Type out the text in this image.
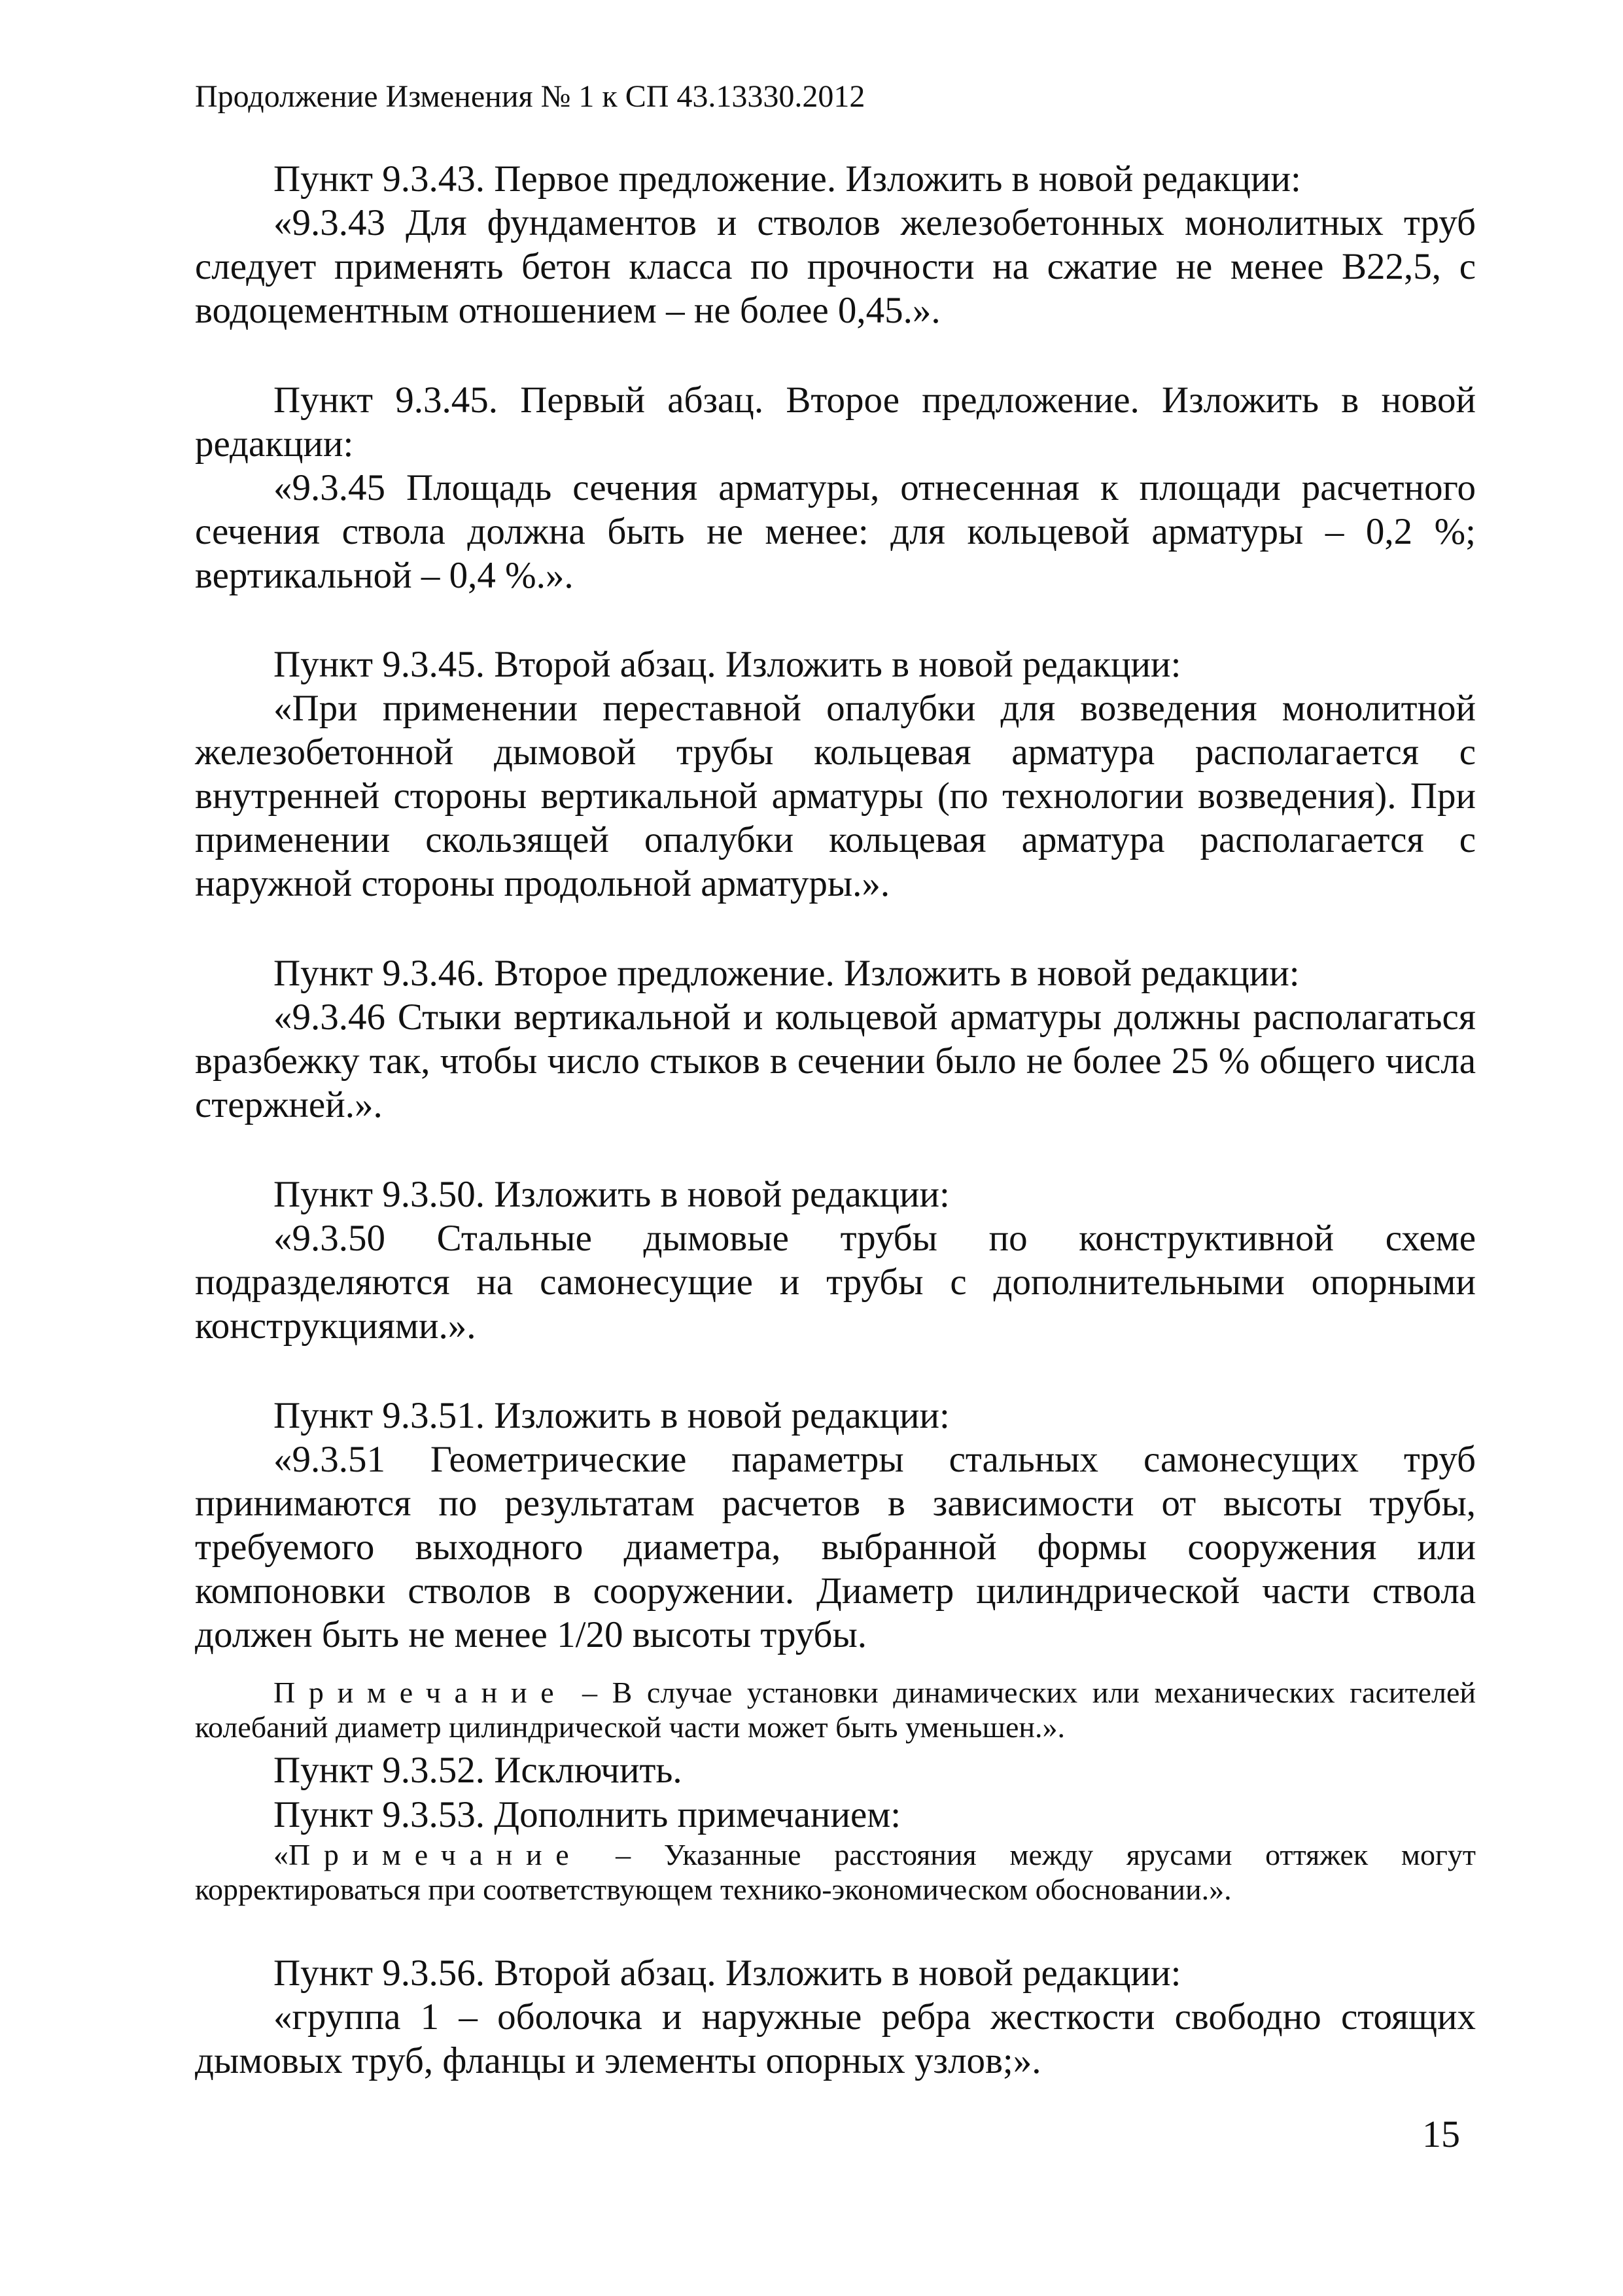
Продолжение Изменения № 1 к СП 43.13330.2012

Пункт 9.3.43. Первое предложение. Изложить в новой редакции:

«9.3.43 Для фундаментов и стволов железобетонных монолитных труб следует применять бетон класса по прочности на сжатие не менее В22,5, с водоцементным отношением – не более 0,45.».

Пункт 9.3.45. Первый абзац. Второе предложение. Изложить в новой редакции:

«9.3.45 Площадь сечения арматуры, отнесенная к площади расчетного сечения ствола должна быть не менее: для кольцевой арматуры – 0,2 %; вертикальной – 0,4 %.».

Пункт 9.3.45. Второй абзац. Изложить в новой редакции:

«При применении переставной опалубки для возведения монолитной железобетонной дымовой трубы кольцевая арматура располагается с внутренней стороны вертикальной арматуры (по технологии возведения). При применении скользящей опалубки кольцевая арматура располагается с наружной стороны продольной арматуры.».

Пункт 9.3.46. Второе предложение. Изложить в новой редакции:

«9.3.46 Стыки вертикальной и кольцевой арматуры должны располагаться вразбежку так, чтобы число стыков в сечении было не более 25 % общего числа стержней.».

Пункт 9.3.50. Изложить в новой редакции:

«9.3.50 Стальные дымовые трубы по конструктивной схеме подразделяются на самонесущие и трубы с дополнительными опорными конструкциями.».

Пункт 9.3.51. Изложить в новой редакции:

«9.3.51 Геометрические параметры стальных самонесущих труб принимаются по результатам расчетов в зависимости от высоты трубы, требуемого выходного диаметра, выбранной формы сооружения или компоновки стволов в сооружении. Диаметр цилиндрической части ствола должен быть не менее 1/20 высоты трубы.

Примечание – В случае установки динамических или механических гасителей колебаний диаметр цилиндрической части может быть уменьшен.».

Пункт 9.3.52. Исключить.

Пункт 9.3.53. Дополнить примечанием:

«Примечание – Указанные расстояния между ярусами оттяжек могут корректироваться при соответствующем технико-экономическом обосновании.».

Пункт 9.3.56. Второй абзац. Изложить в новой редакции:

«группа 1 – оболочка и наружные ребра жесткости свободно стоящих дымовых труб, фланцы и элементы опорных узлов;».

15
